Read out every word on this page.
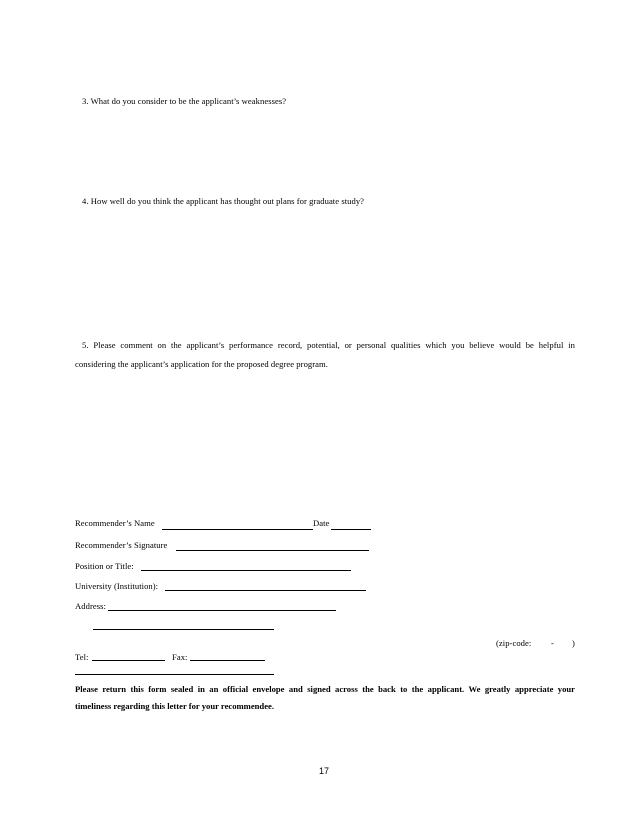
3. What do you consider to be the applicant’s weaknesses?
4. How well do you think the applicant has thought out plans for graduate study?
5. Please comment on the applicant’s performance record, potential, or personal qualities which you believe would be helpful in
considering the applicant’s application for the proposed degree program.
Recommender’s Name	Date
Recommender’s Signature
Position or Title:
University (Institution):
Address:
(zip-code: - )
Tel:	Fax:
Please return this form sealed in an official envelope and signed across the back to the applicant. We greatly appreciate your
timeliness regarding this letter for your recommendee.
17
